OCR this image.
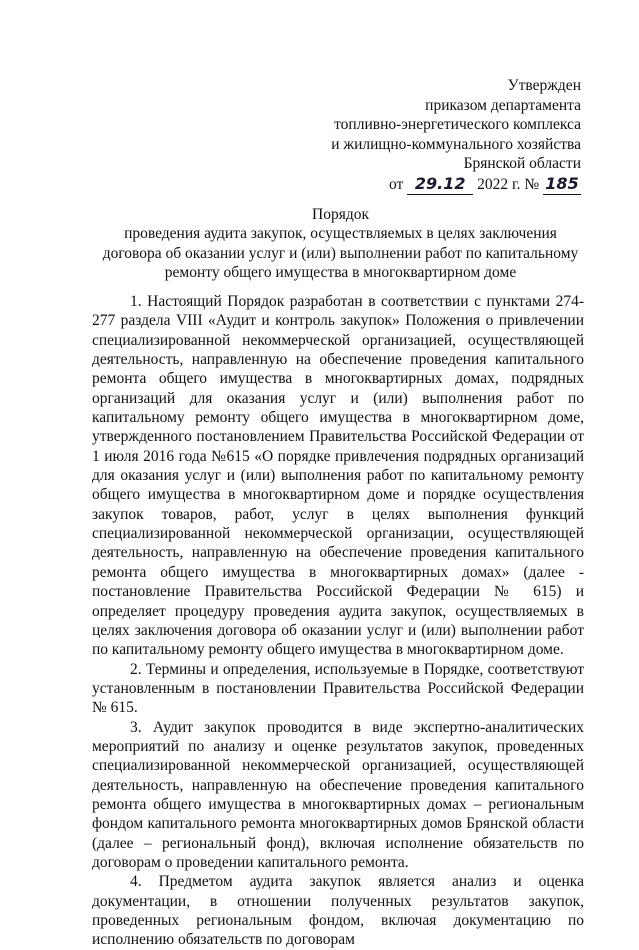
Утвержден
приказом департамента
топливно-энергетического комплекса
и жилищно-коммунального хозяйства
Брянской области
от 29.12 2022 г. № 185
Порядок
проведения аудита закупок, осуществляемых в целях заключения
договора об оказании услуг и (или) выполнении работ по капитальному
ремонту общего имущества в многоквартирном доме

1. Настоящий Порядок разработан в соответствии с пунктами 274-277 раздела VIII «Аудит и контроль закупок» Положения о привлечении специализированной некоммерческой организацией, осуществляющей деятельность, направленную на обеспечение проведения капитального ремонта общего имущества в многоквартирных домах, подрядных организаций для оказания услуг и (или) выполнения работ по капитальному ремонту общего имущества в многоквартирном доме, утвержденного постановлением Правительства Российской Федерации от 1 июля 2016 года №615 «О порядке привлечения подрядных организаций для оказания услуг и (или) выполнения работ по капитальному ремонту общего имущества в многоквартирном доме и порядке осуществления закупок товаров, работ, услуг в целях выполнения функций специализированной некоммерческой организации, осуществляющей деятельность, направленную на обеспечение проведения капитального ремонта общего имущества в многоквартирных домах» (далее - постановление Правительства Российской Федерации № 615) и определяет процедуру проведения аудита закупок, осуществляемых в целях заключения договора об оказании услуг и (или) выполнении работ по капитальному ремонту общего имущества в многоквартирном доме.

2. Термины и определения, используемые в Порядке, соответствуют установленным в постановлении Правительства Российской Федерации № 615.

3. Аудит закупок проводится в виде экспертно-аналитических мероприятий по анализу и оценке результатов закупок, проведенных специализированной некоммерческой организацией, осуществляющей деятельность, направленную на обеспечение проведения капитального ремонта общего имущества в многоквартирных домах – региональным фондом капитального ремонта многоквартирных домов Брянской области (далее – региональный фонд), включая исполнение обязательств по договорам о проведении капитального ремонта.

4. Предметом аудита закупок является анализ и оценка документации, в отношении полученных результатов закупок, проведенных региональным фондом, включая документацию по исполнению обязательств по договорам
